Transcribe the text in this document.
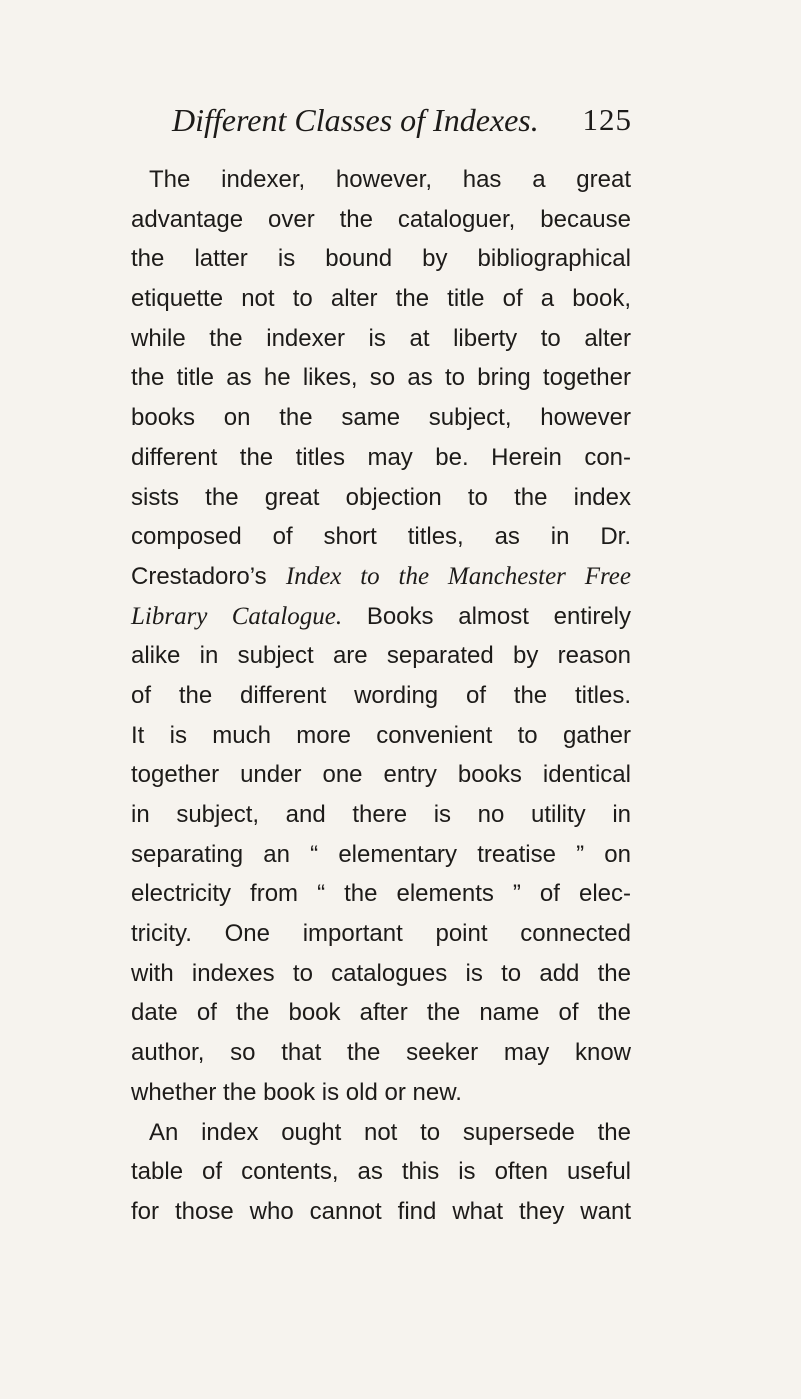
Different Classes of Indexes. 125
The indexer, however, has a great
advantage over the cataloguer, because
the latter is bound by bibliographical
etiquette not to alter the title of a book,
while the indexer is at liberty to alter
the title as he likes, so as to bring together
books on the same subject, however
different the titles may be. Herein con-
sists the great objection to the index
composed of short titles, as in Dr.
Crestadoro’s Index to the Manchester Free
Library Catalogue. Books almost entirely
alike in subject are separated by reason
of the different wording of the titles.
It is much more convenient to gather
together under one entry books identical
in subject, and there is no utility in
separating an “ elementary treatise ” on
electricity from “ the elements ” of elec-
tricity. One important point connected
with indexes to catalogues is to add the
date of the book after the name of the
author, so that the seeker may know
whether the book is old or new.
An index ought not to supersede the
table of contents, as this is often useful
for those who cannot find what they want
